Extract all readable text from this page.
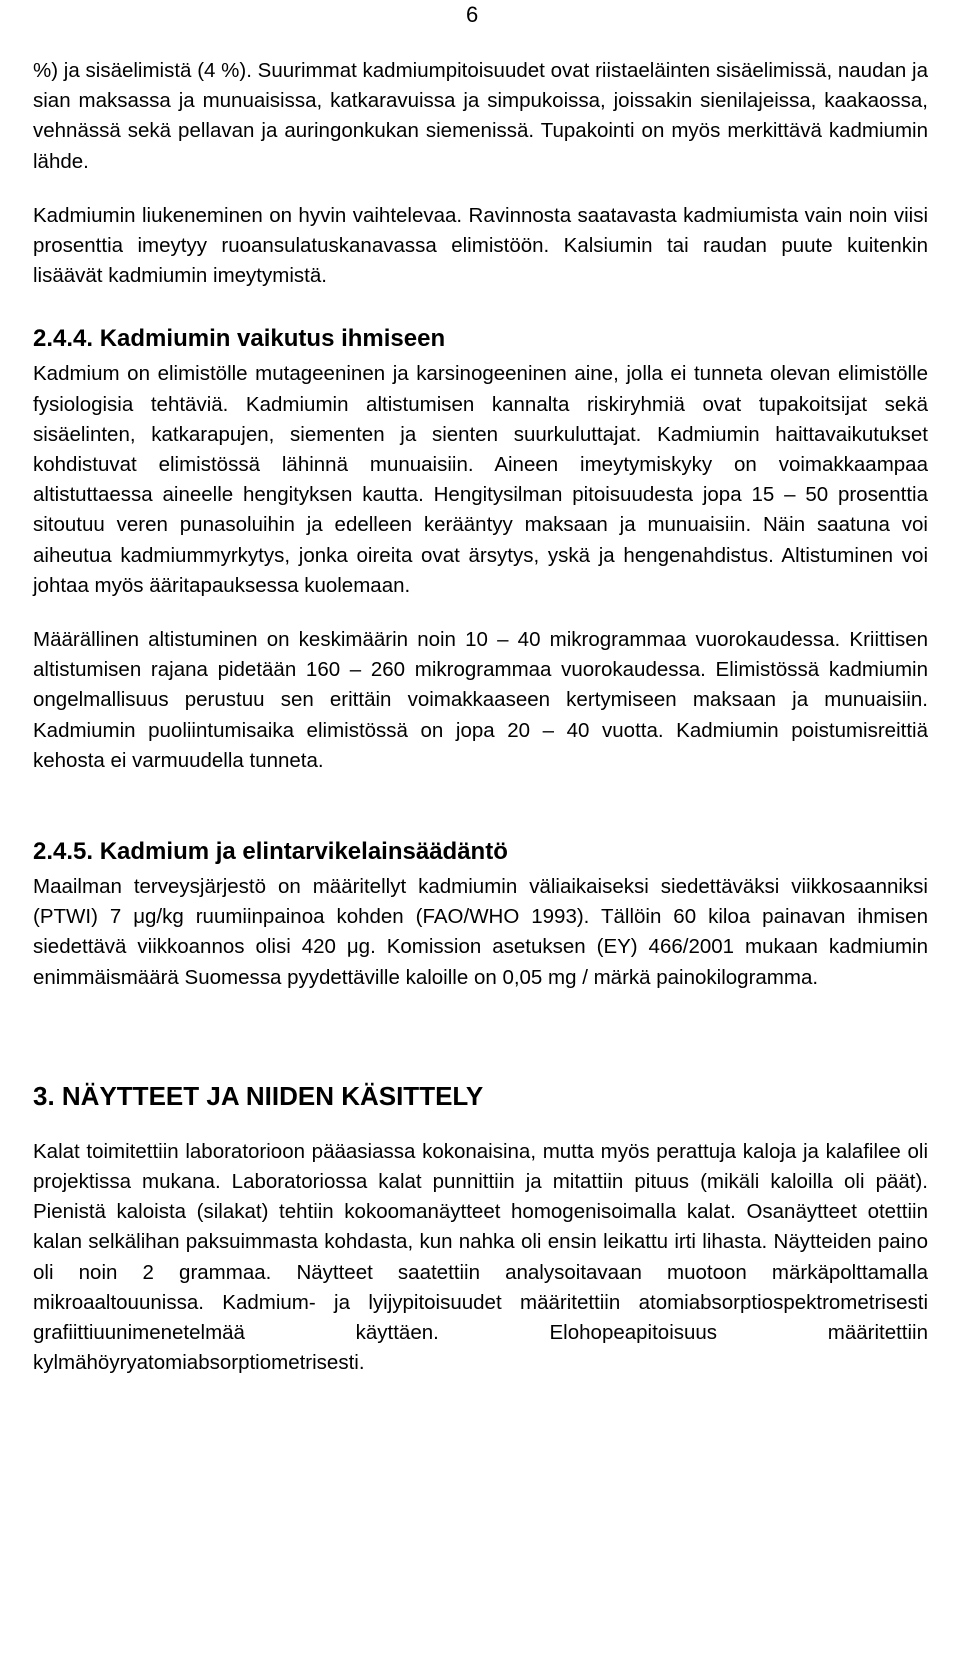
6

%) ja sisäelimistä (4 %). Suurimmat kadmiumpitoisuudet ovat riistaeläinten sisäelimissä, naudan ja sian maksassa ja munuaisissa, katkaravuissa ja simpukoissa, joissakin sienilajeissa, kaakaossa, vehnässä sekä pellavan ja auringonkukan siemenissä. Tupakointi on myös merkittävä kadmiumin lähde.

Kadmiumin liukeneminen on hyvin vaihtelevaa. Ravinnosta saatavasta kadmiumista vain noin viisi prosenttia imeytyy ruoansulatuskanavassa elimistöön. Kalsiumin tai raudan puute kuitenkin lisäävät kadmiumin imeytymistä.

2.4.4. Kadmiumin vaikutus ihmiseen

Kadmium on elimistölle mutageeninen ja karsinogeeninen aine, jolla ei tunneta olevan elimistölle fysiologisia tehtäviä. Kadmiumin altistumisen kannalta riskiryhmiä ovat tupakoitsijat sekä sisäelinten, katkarapujen, siementen ja sienten suurkuluttajat. Kadmiumin haittavaikutukset kohdistuvat elimistössä lähinnä munuaisiin. Aineen imeytymiskyky on voimakkaampaa altistuttaessa aineelle hengityksen kautta. Hengitysilman pitoisuudesta jopa 15 – 50 prosenttia sitoutuu veren punasoluihin ja edelleen kerääntyy maksaan ja munuaisiin. Näin saatuna voi aiheutua kadmiummyrkytys, jonka oireita ovat ärsytys, yskä ja hengenahdistus. Altistuminen voi johtaa myös ääritapauksessa kuolemaan.

Määrällinen altistuminen on keskimäärin noin 10 – 40 mikrogrammaa vuorokaudessa. Kriittisen altistumisen rajana pidetään 160 – 260 mikrogrammaa vuorokaudessa. Elimistössä kadmiumin ongelmallisuus perustuu sen erittäin voimakkaaseen kertymiseen maksaan ja munuaisiin. Kadmiumin puoliintumisaika elimistössä on jopa 20 – 40 vuotta. Kadmiumin poistumisreittiä kehosta ei varmuudella tunneta.

2.4.5. Kadmium ja elintarvikelainsäädäntö

Maailman terveysjärjestö on määritellyt kadmiumin väliaikaiseksi siedettäväksi viikkosaanniksi (PTWI) 7 μg/kg ruumiinpainoa kohden (FAO/WHO 1993). Tällöin 60 kiloa painavan ihmisen siedettävä viikkoannos olisi 420 μg. Komission asetuksen (EY) 466/2001 mukaan kadmiumin enimmäismäärä Suomessa pyydettäville kaloille on 0,05 mg / märkä painokilogramma.

3. NÄYTTEET JA NIIDEN KÄSITTELY

Kalat toimitettiin laboratorioon pääasiassa kokonaisina, mutta myös perattuja kaloja ja kalafilee oli projektissa mukana. Laboratoriossa kalat punnittiin ja mitattiin pituus (mikäli kaloilla oli päät). Pienistä kaloista (silakat) tehtiin kokoomanäytteet homogenisoimalla kalat. Osanäytteet otettiin kalan selkälihan paksuimmasta kohdasta, kun nahka oli ensin leikattu irti lihasta. Näytteiden paino oli noin 2 grammaa. Näytteet saatettiin analysoitavaan muotoon märkäpolttamalla mikroaaltouunissa. Kadmium- ja lyijypitoisuudet määritettiin atomiabsorptiospektrometrisesti grafiittiuunimenetelmää käyttäen. Elohopeapitoisuus määritettiin kylmähöyryatomiabsorptiometrisesti.
